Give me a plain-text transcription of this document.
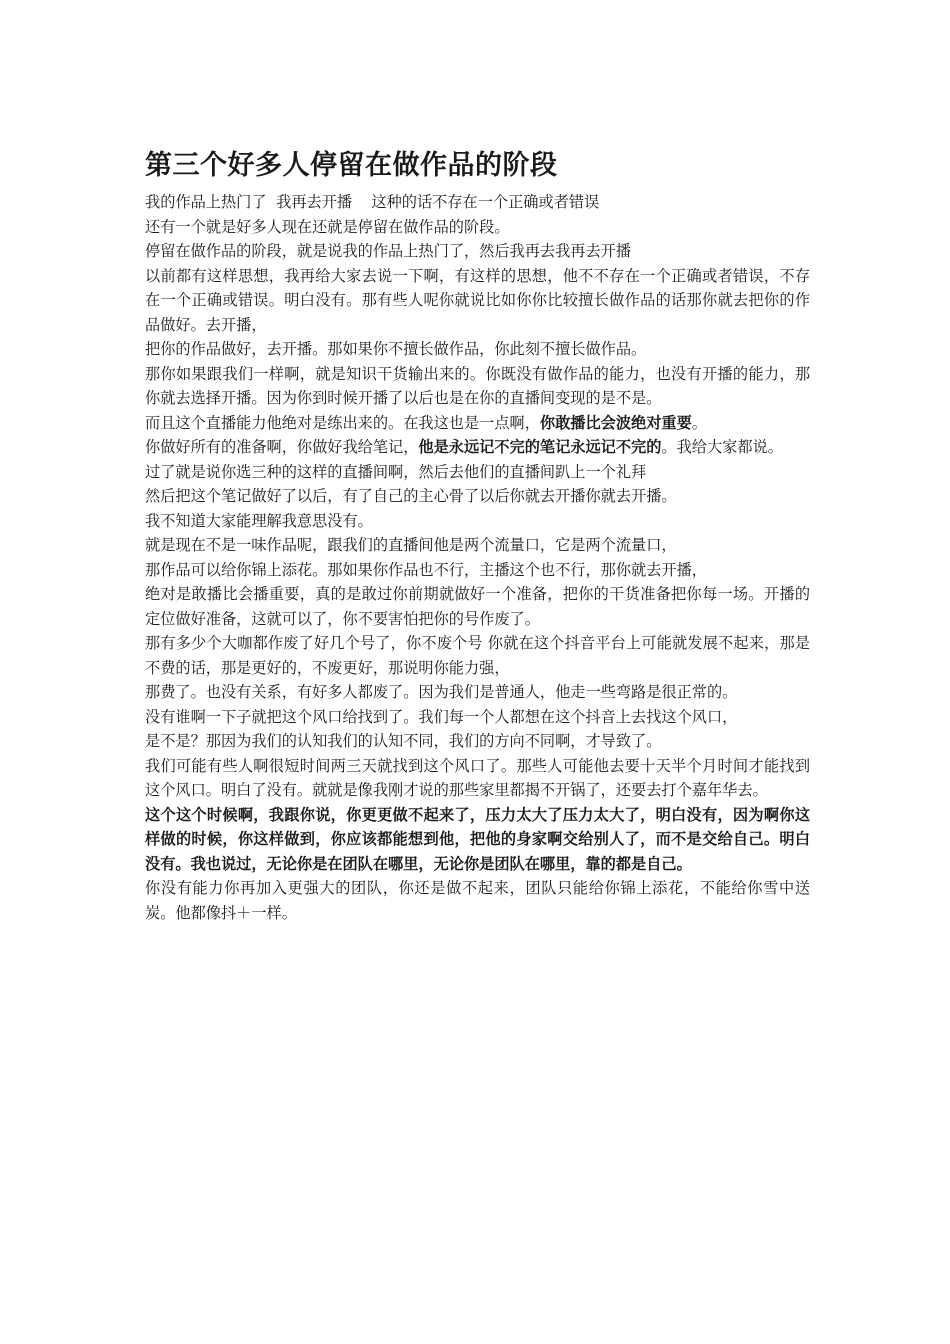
第三个好多人停留在做作品的阶段

我的作品上热门了  我再去开播    这种的话不存在一个正确或者错误

还有一个就是好多人现在还就是停留在做作品的阶段。

停留在做作品的阶段，就是说我的作品上热门了，然后我再去我再去开播

以前都有这样思想，我再给大家去说一下啊，有这样的思想，他不不存在一个正确或者错误，不存在一个正确或错误。明白没有。那有些人呢你就说比如你你比较擅长做作品的话那你就去把你的作品做好。去开播，

把你的作品做好，去开播。那如果你不擅长做作品，你此刻不擅长做作品。

那你如果跟我们一样啊，就是知识干货输出来的。你既没有做作品的能力，也没有开播的能力，那你就去选择开播。因为你到时候开播了以后也是在你的直播间变现的是不是。

而且这个直播能力他绝对是练出来的。在我这也是一点啊，你敢播比会波绝对重要。

你做好所有的准备啊，你做好我给笔记，他是永远记不完的笔记永远记不完的。我给大家都说。

过了就是说你选三种的这样的直播间啊，然后去他们的直播间趴上一个礼拜

然后把这个笔记做好了以后，有了自己的主心骨了以后你就去开播你就去开播。

我不知道大家能理解我意思没有。

就是现在不是一味作品呢，跟我们的直播间他是两个流量口，它是两个流量口，

那作品可以给你锦上添花。那如果你作品也不行，主播这个也不行，那你就去开播，

绝对是敢播比会播重要，真的是敢过你前期就做好一个准备，把你的干货准备把你每一场。开播的定位做好准备，这就可以了，你不要害怕把你的号作废了。

那有多少个大咖都作废了好几个号了，你不废个号 你就在这个抖音平台上可能就发展不起来，那是不费的话，那是更好的，不废更好，那说明你能力强，

那费了。也没有关系，有好多人都废了。因为我们是普通人，他走一些弯路是很正常的。

没有谁啊一下子就把这个风口给找到了。我们每一个人都想在这个抖音上去找这个风口，

是不是？那因为我们的认知我们的认知不同，我们的方向不同啊，才导致了。

我们可能有些人啊很短时间两三天就找到这个风口了。那些人可能他去要十天半个月时间才能找到这个风口。明白了没有。就就是像我刚才说的那些家里都揭不开锅了，还要去打个嘉年华去。

这个这个时候啊，我跟你说，你更更做不起来了，压力太大了压力太大了，明白没有，因为啊你这样做的时候，你这样做到，你应该都能想到他，把他的身家啊交给别人了，而不是交给自己。明白没有。我也说过，无论你是在团队在哪里，无论你是团队在哪里，靠的都是自己。

你没有能力你再加入更强大的团队，你还是做不起来，团队只能给你锦上添花，不能给你雪中送炭。他都像抖＋一样。
